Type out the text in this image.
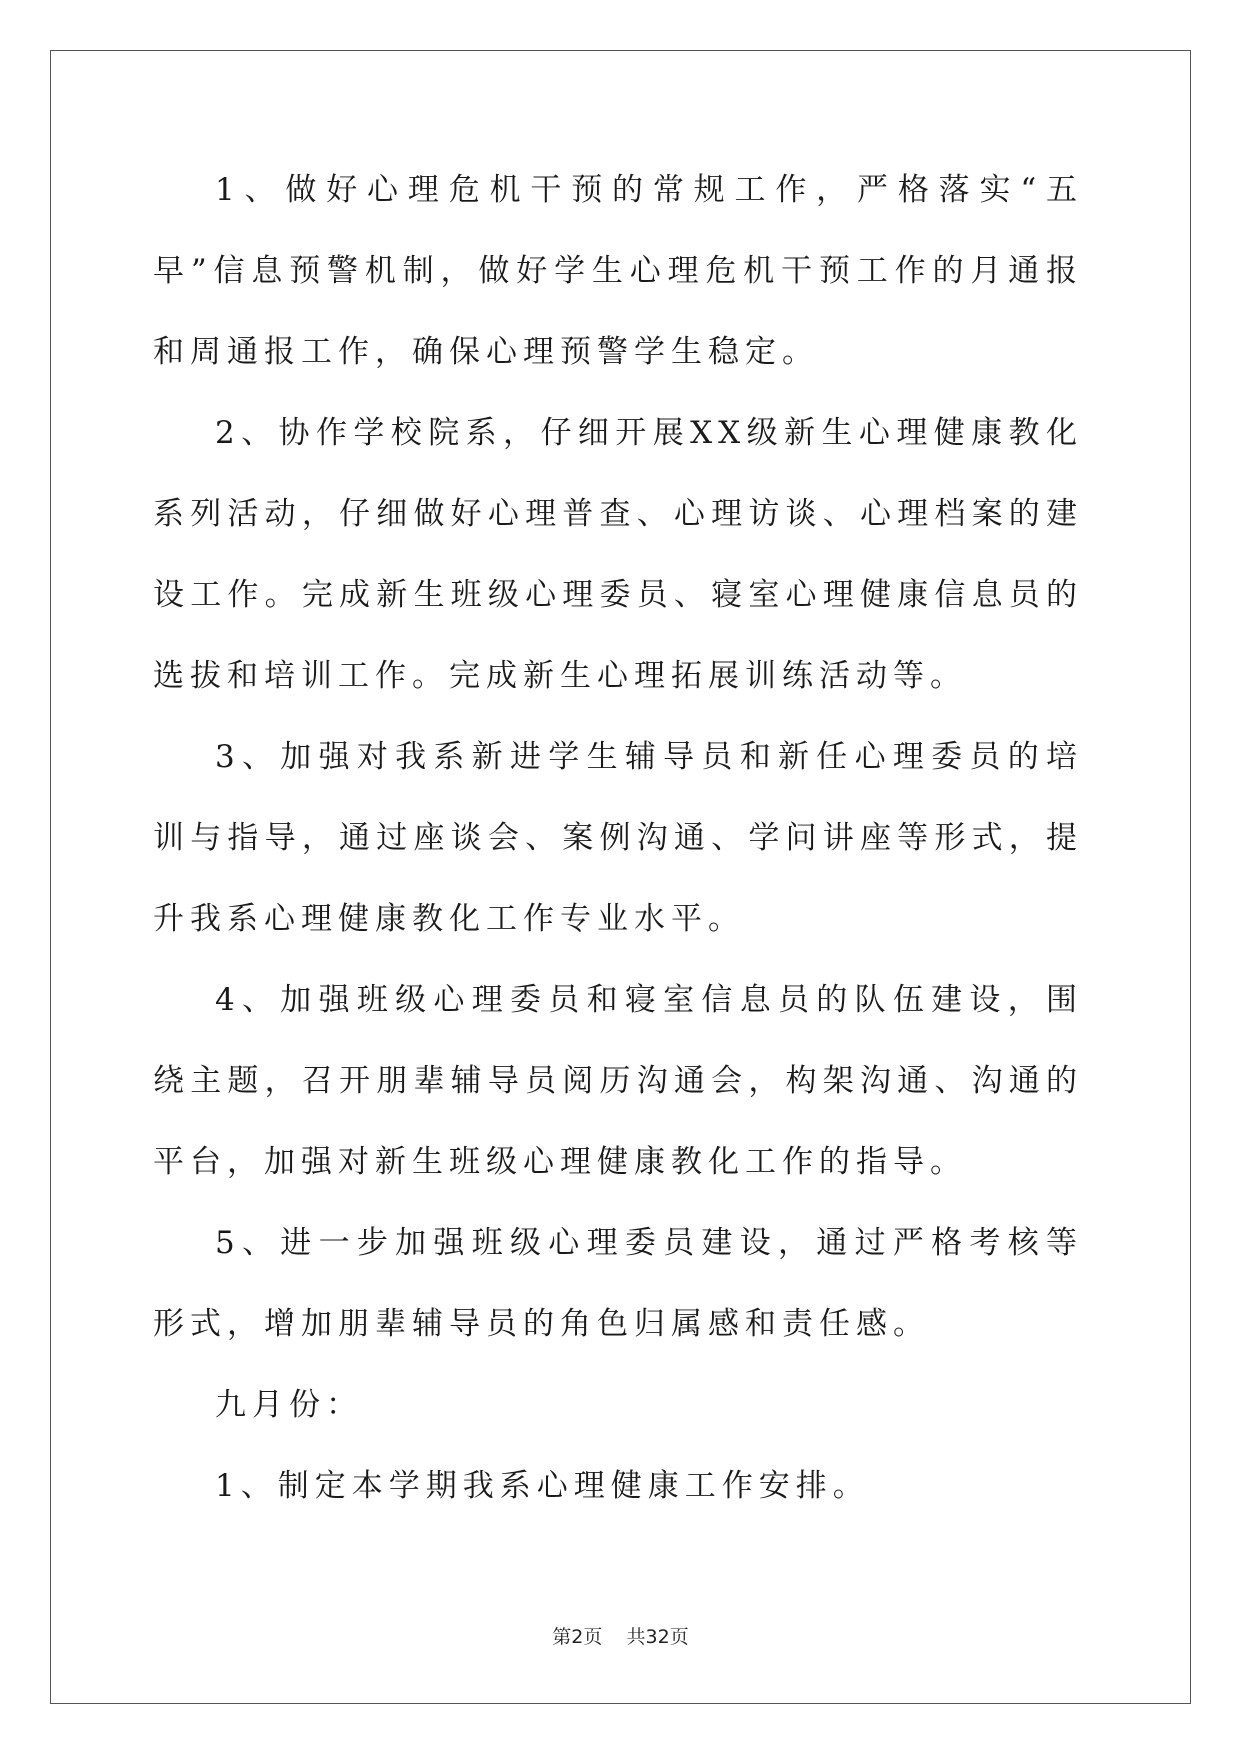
1、做好心理危机干预的常规工作，严格落实“五早”信息预警机制，做好学生心理危机干预工作的月通报和周通报工作，确保心理预警学生稳定。

2、协作学校院系，仔细开展XX级新生心理健康教化系列活动，仔细做好心理普查、心理访谈、心理档案的建设工作。完成新生班级心理委员、寝室心理健康信息员的选拔和培训工作。完成新生心理拓展训练活动等。

3、加强对我系新进学生辅导员和新任心理委员的培训与指导，通过座谈会、案例沟通、学问讲座等形式，提升我系心理健康教化工作专业水平。

4、加强班级心理委员和寝室信息员的队伍建设，围绕主题，召开朋辈辅导员阅历沟通会，构架沟通、沟通的平台，加强对新生班级心理健康教化工作的指导。

5、进一步加强班级心理委员建设，通过严格考核等形式，增加朋辈辅导员的角色归属感和责任感。

九月份：

1、制定本学期我系心理健康工作安排。

第2页 共32页
